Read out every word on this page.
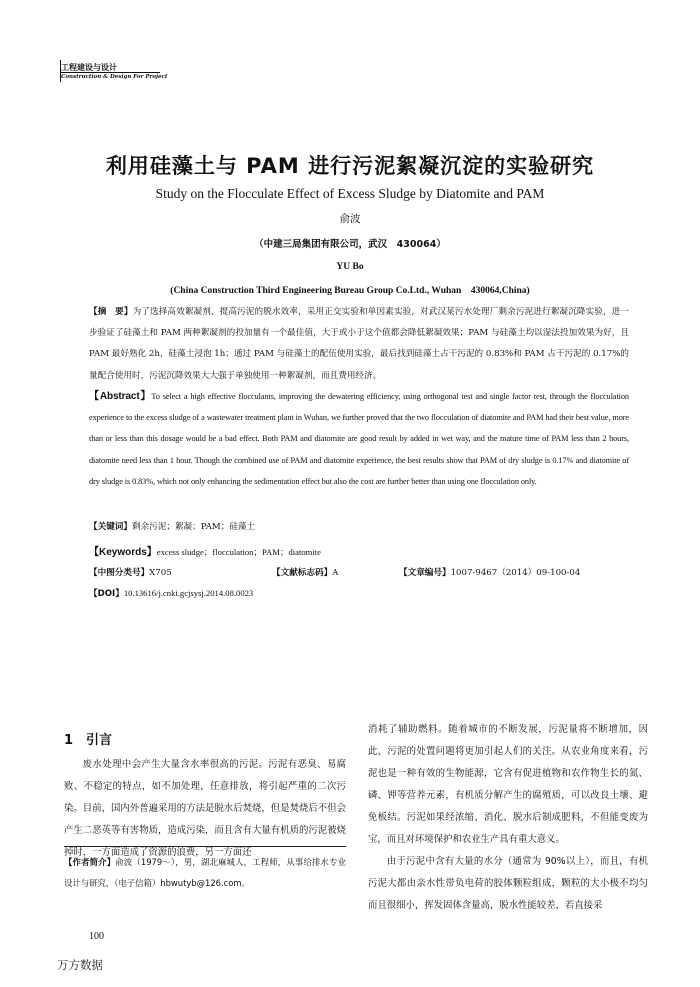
工程建设与设计
Construction & Design For Project
利用硅藻土与 PAM 进行污泥絮凝沉淀的实验研究
Study on the Flocculate Effect of Excess Sludge by Diatomite and PAM
俞波
（中建三局集团有限公司，武汉　430064）
YU Bo
(China Construction Third Engineering Bureau Group Co.Ltd., Wuhan　430064,China)
【摘　要】为了选择高效絮凝剂，提高污泥的脱水效率，采用正交实验和单因素实验，对武汉某污水处理厂剩余污泥进行絮凝沉降实验，进一步验证了硅藻土和 PAM 两种絮凝剂的投加量有一个最佳值，大于或小于这个值都会降低絮凝效果；PAM 与硅藻土均以湿法投加效果为好，且 PAM 最好熟化 2h，硅藻土浸泡 1h；通过 PAM 与硅藻土的配伍使用实验，最后找到硅藻土占干污泥的 0.83%和 PAM 占干污泥的 0.17%的量配合使用时，污泥沉降效果大大强于单独使用一种絮凝剂，而且费用经济。
【Abstract】To select a high effective flocculants, improving the dewatering efficiency, using orthogonal test and single factor test, through the flocculation experience to the excess sludge of a wastewater treatment plant in Wuhan, we further proved that the two flocculation of diatomite and PAM had their best value, more than or less than this dosage would be a bad effect. Both PAM and diatomite are good result by added in wet way, and the mature time of PAM less than 2 hours, diatomite need less than 1 hour. Though the combined use of PAM and diatomite experience, the best results show that PAM of dry sludge is 0.17% and diatomite of dry sludge is 0.83%, which not only enhancing the sedimentation effect but also the cost are further better than using one flocculation only.
【关键词】剩余污泥；絮凝；PAM；硅藻土
【Keywords】excess sludge；flocculation；PAM；diatomite
【中图分类号】X705	【文献标志码】A	【文章编号】1007-9467（2014）09-100-04
【DOI】10.13616/j.cnki.gcjsysj.2014.08.0023
1　引言
废水处理中会产生大量含水率很高的污泥。污泥有恶臭、易腐败、不稳定的特点，如不加处理，任意排放，将引起严重的二次污染。目前，国内外普遍采用的方法是脱水后焚烧，但是焚烧后不但会产生二恶英等有害物质，造成污染，而且含有大量有机质的污泥被烧掉时，一方面造成了资源的浪费，另一方面还
消耗了辅助燃料。随着城市的不断发展，污泥量将不断增加，因此，污泥的处置问题将更加引起人们的关注。从农业角度来看，污泥也是一种有效的生物能源，它含有促进植物和农作物生长的氮、磷、钾等营养元素，有机质分解产生的腐殖质，可以改良土壤、避免板结。污泥如果经浓缩、消化、脱水后制成肥料，不但能变废为宝，而且对环境保护和农业生产具有重大意义。
由于污泥中含有大量的水分（通常为 90%以上），而且，有机污泥大都由亲水性带负电荷的胶体颗粒组成，颗粒的大小极不均匀而且很细小，挥发固体含量高，脱水性能较差，若直接采
【作者简介】俞波（1979～），男，湖北麻城人，工程师，从事给排水专业设计与研究，（电子信箱）hbwutyb@126.com。
100
万方数据
